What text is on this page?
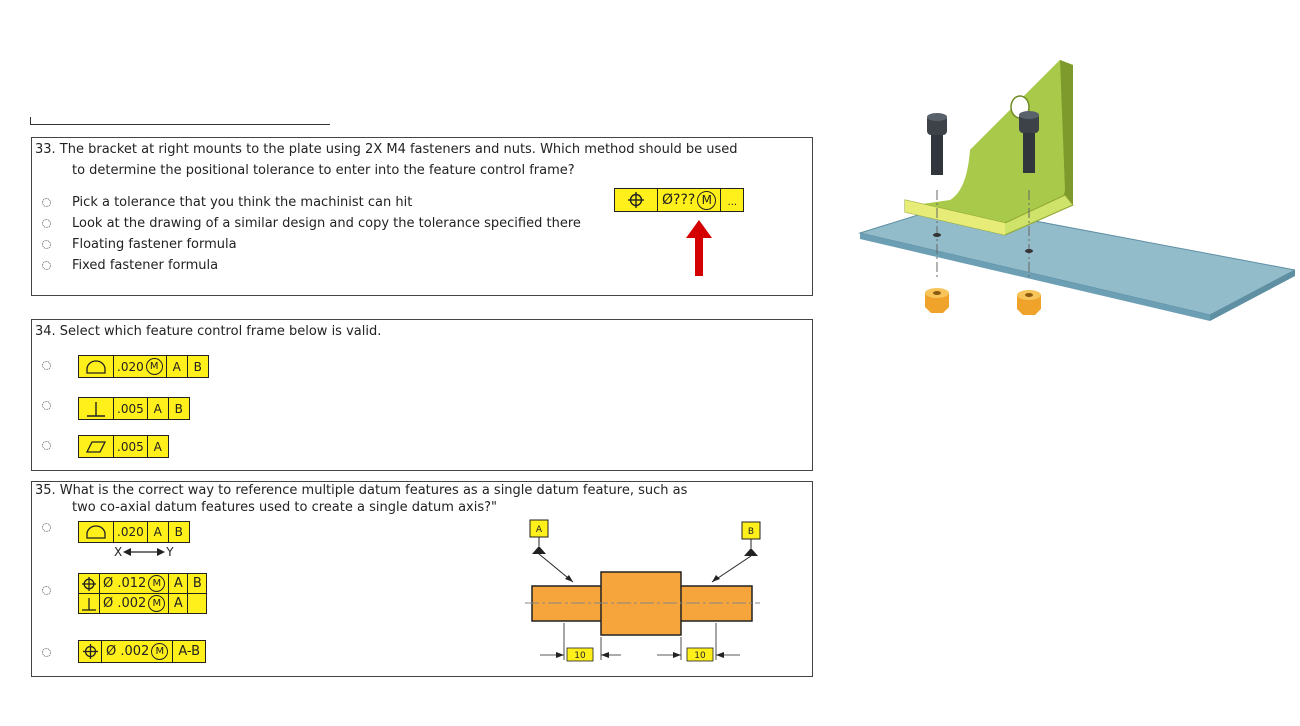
33. The bracket at right mounts to the plate using 2X M4 fasteners and nuts. Which method should be used
to determine the positional tolerance to enter into the feature control frame?
Pick a tolerance that you think the machinist can hit
Look at the drawing of a similar design and copy the tolerance specified there
Floating fastener formula
Fixed fastener formula
Ø??? M	...
34. Select which feature control frame below is valid.
.020 M	A	B
.005 A	B
.005 A
35. What is the correct way to reference multiple datum features as a single datum feature, such as
two co-axial datum features used to create a single datum axis?"
.020 A	B
X	Y
Ø .012 M A B
Ø .002 M A
Ø .002 M	A-B
A	B
10	10
